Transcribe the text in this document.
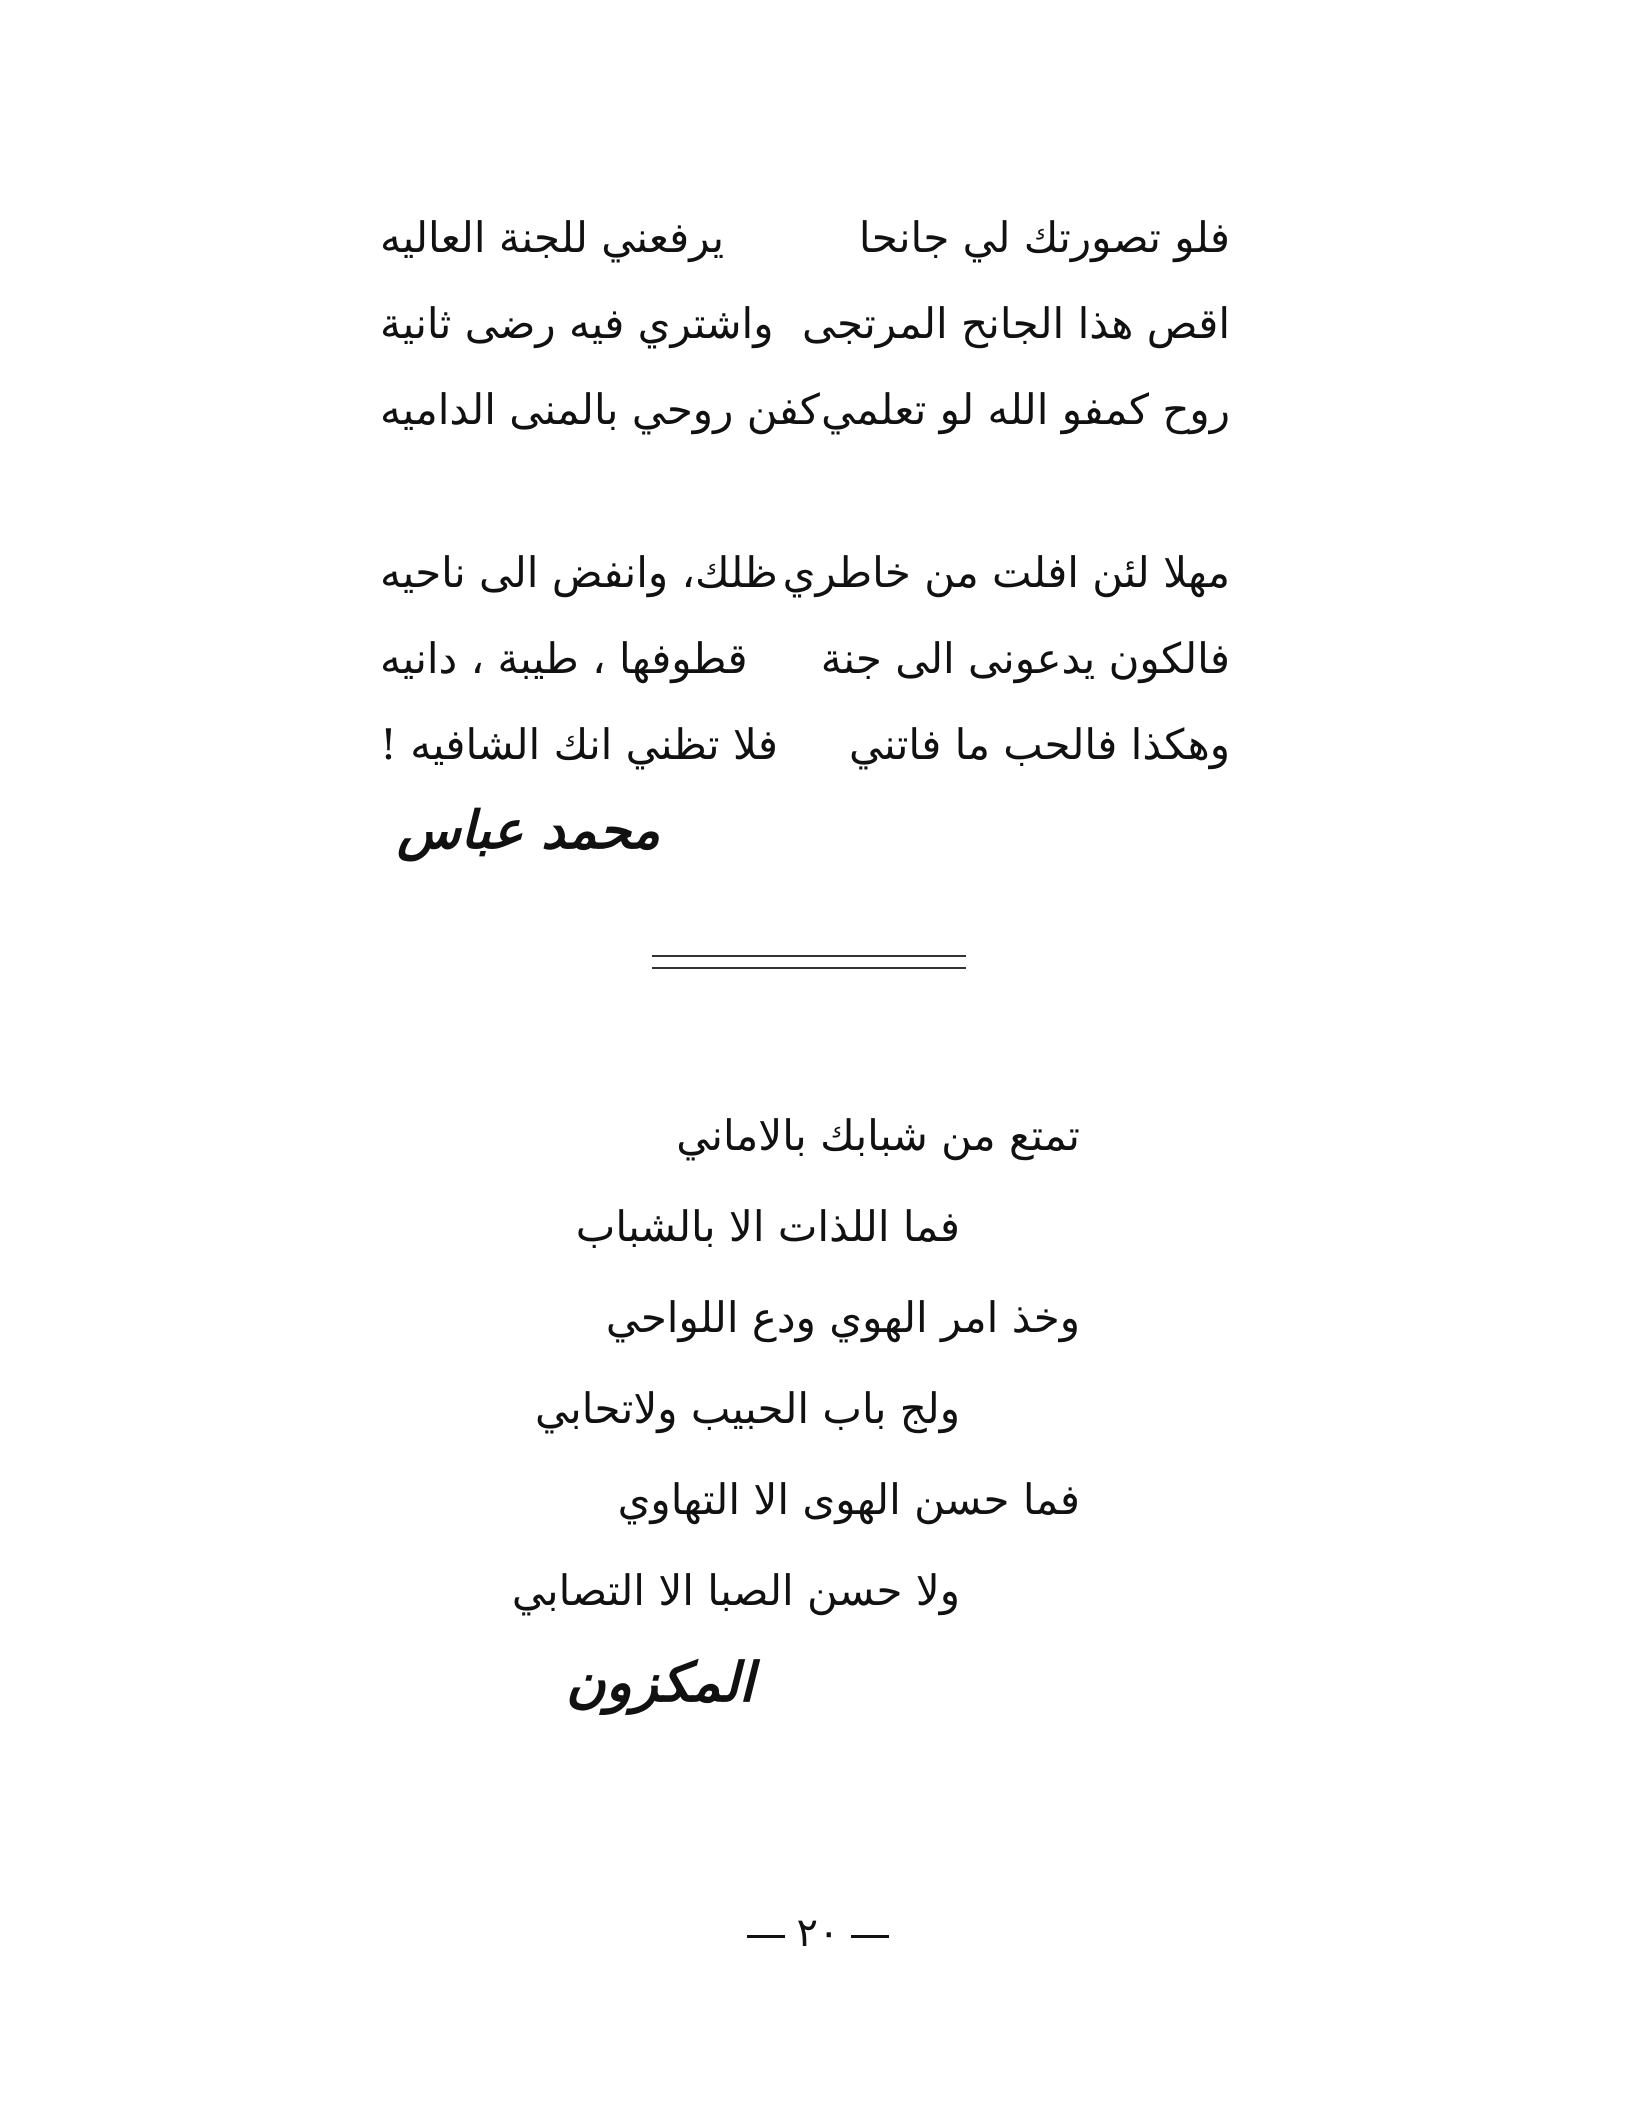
فلو تصورتك لي جانحا
يرفعني للجنة العاليه
اقص هذا الجانح المرتجى
واشتري فيه رضى ثانية
روح كمفو الله لو تعلمي
كفن روحي بالمنى الداميه
مهلا لئن افلت من خاطري
ظلك، وانفض الى ناحيه
فالكون يدعونى الى جنة
قطوفها ، طيبة ، دانيه
وهكذا فالحب ما فاتني
فلا تظني انك الشافيه !
محمد عباس
تمتع من شبابك بالاماني
فما اللذات الا بالشباب
وخذ امر الهوي ودع اللواحي
ولج باب الحبيب ولاتحابي
فما حسن الهوى الا التهاوي
ولا حسن الصبا الا التصابي
المكزون
٢٠
